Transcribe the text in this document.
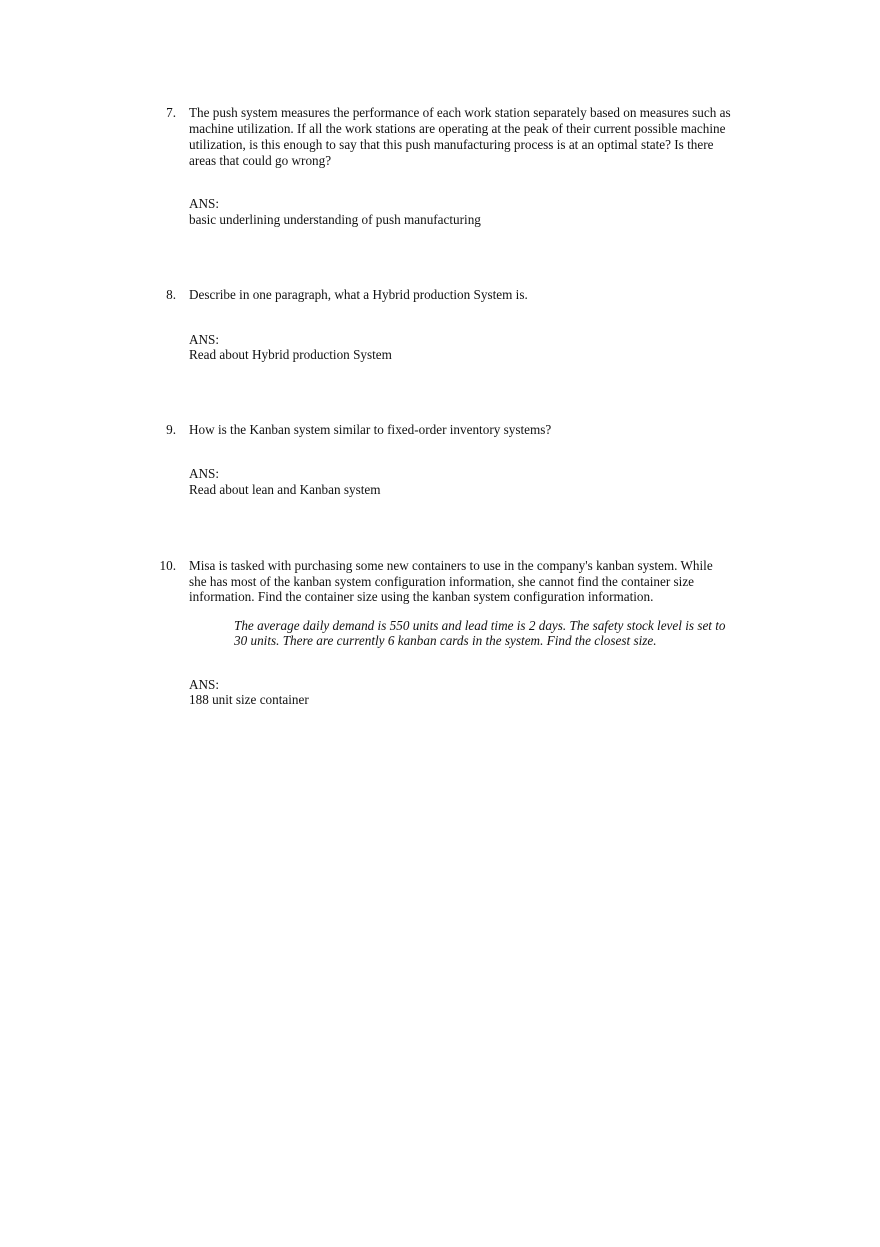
7. The push system measures the performance of each work station separately based on measures such as
machine utilization. If all the work stations are operating at the peak of their current possible machine
utilization, is this enough to say that this push manufacturing process is at an optimal state? Is there
areas that could go wrong?
ANS:
basic underlining understanding of push manufacturing
8. Describe in one paragraph, what a Hybrid production System is.
ANS:
Read about Hybrid production System
9. How is the Kanban system similar to fixed-order inventory systems?
ANS:
Read about lean and Kanban system
10. Misa is tasked with purchasing some new containers to use in the company's kanban system. While
she has most of the kanban system configuration information, she cannot find the container size
information. Find the container size using the kanban system configuration information.
The average daily demand is 550 units and lead time is 2 days. The safety stock level is set to
30 units. There are currently 6 kanban cards in the system. Find the closest size.
ANS:
188 unit size container
